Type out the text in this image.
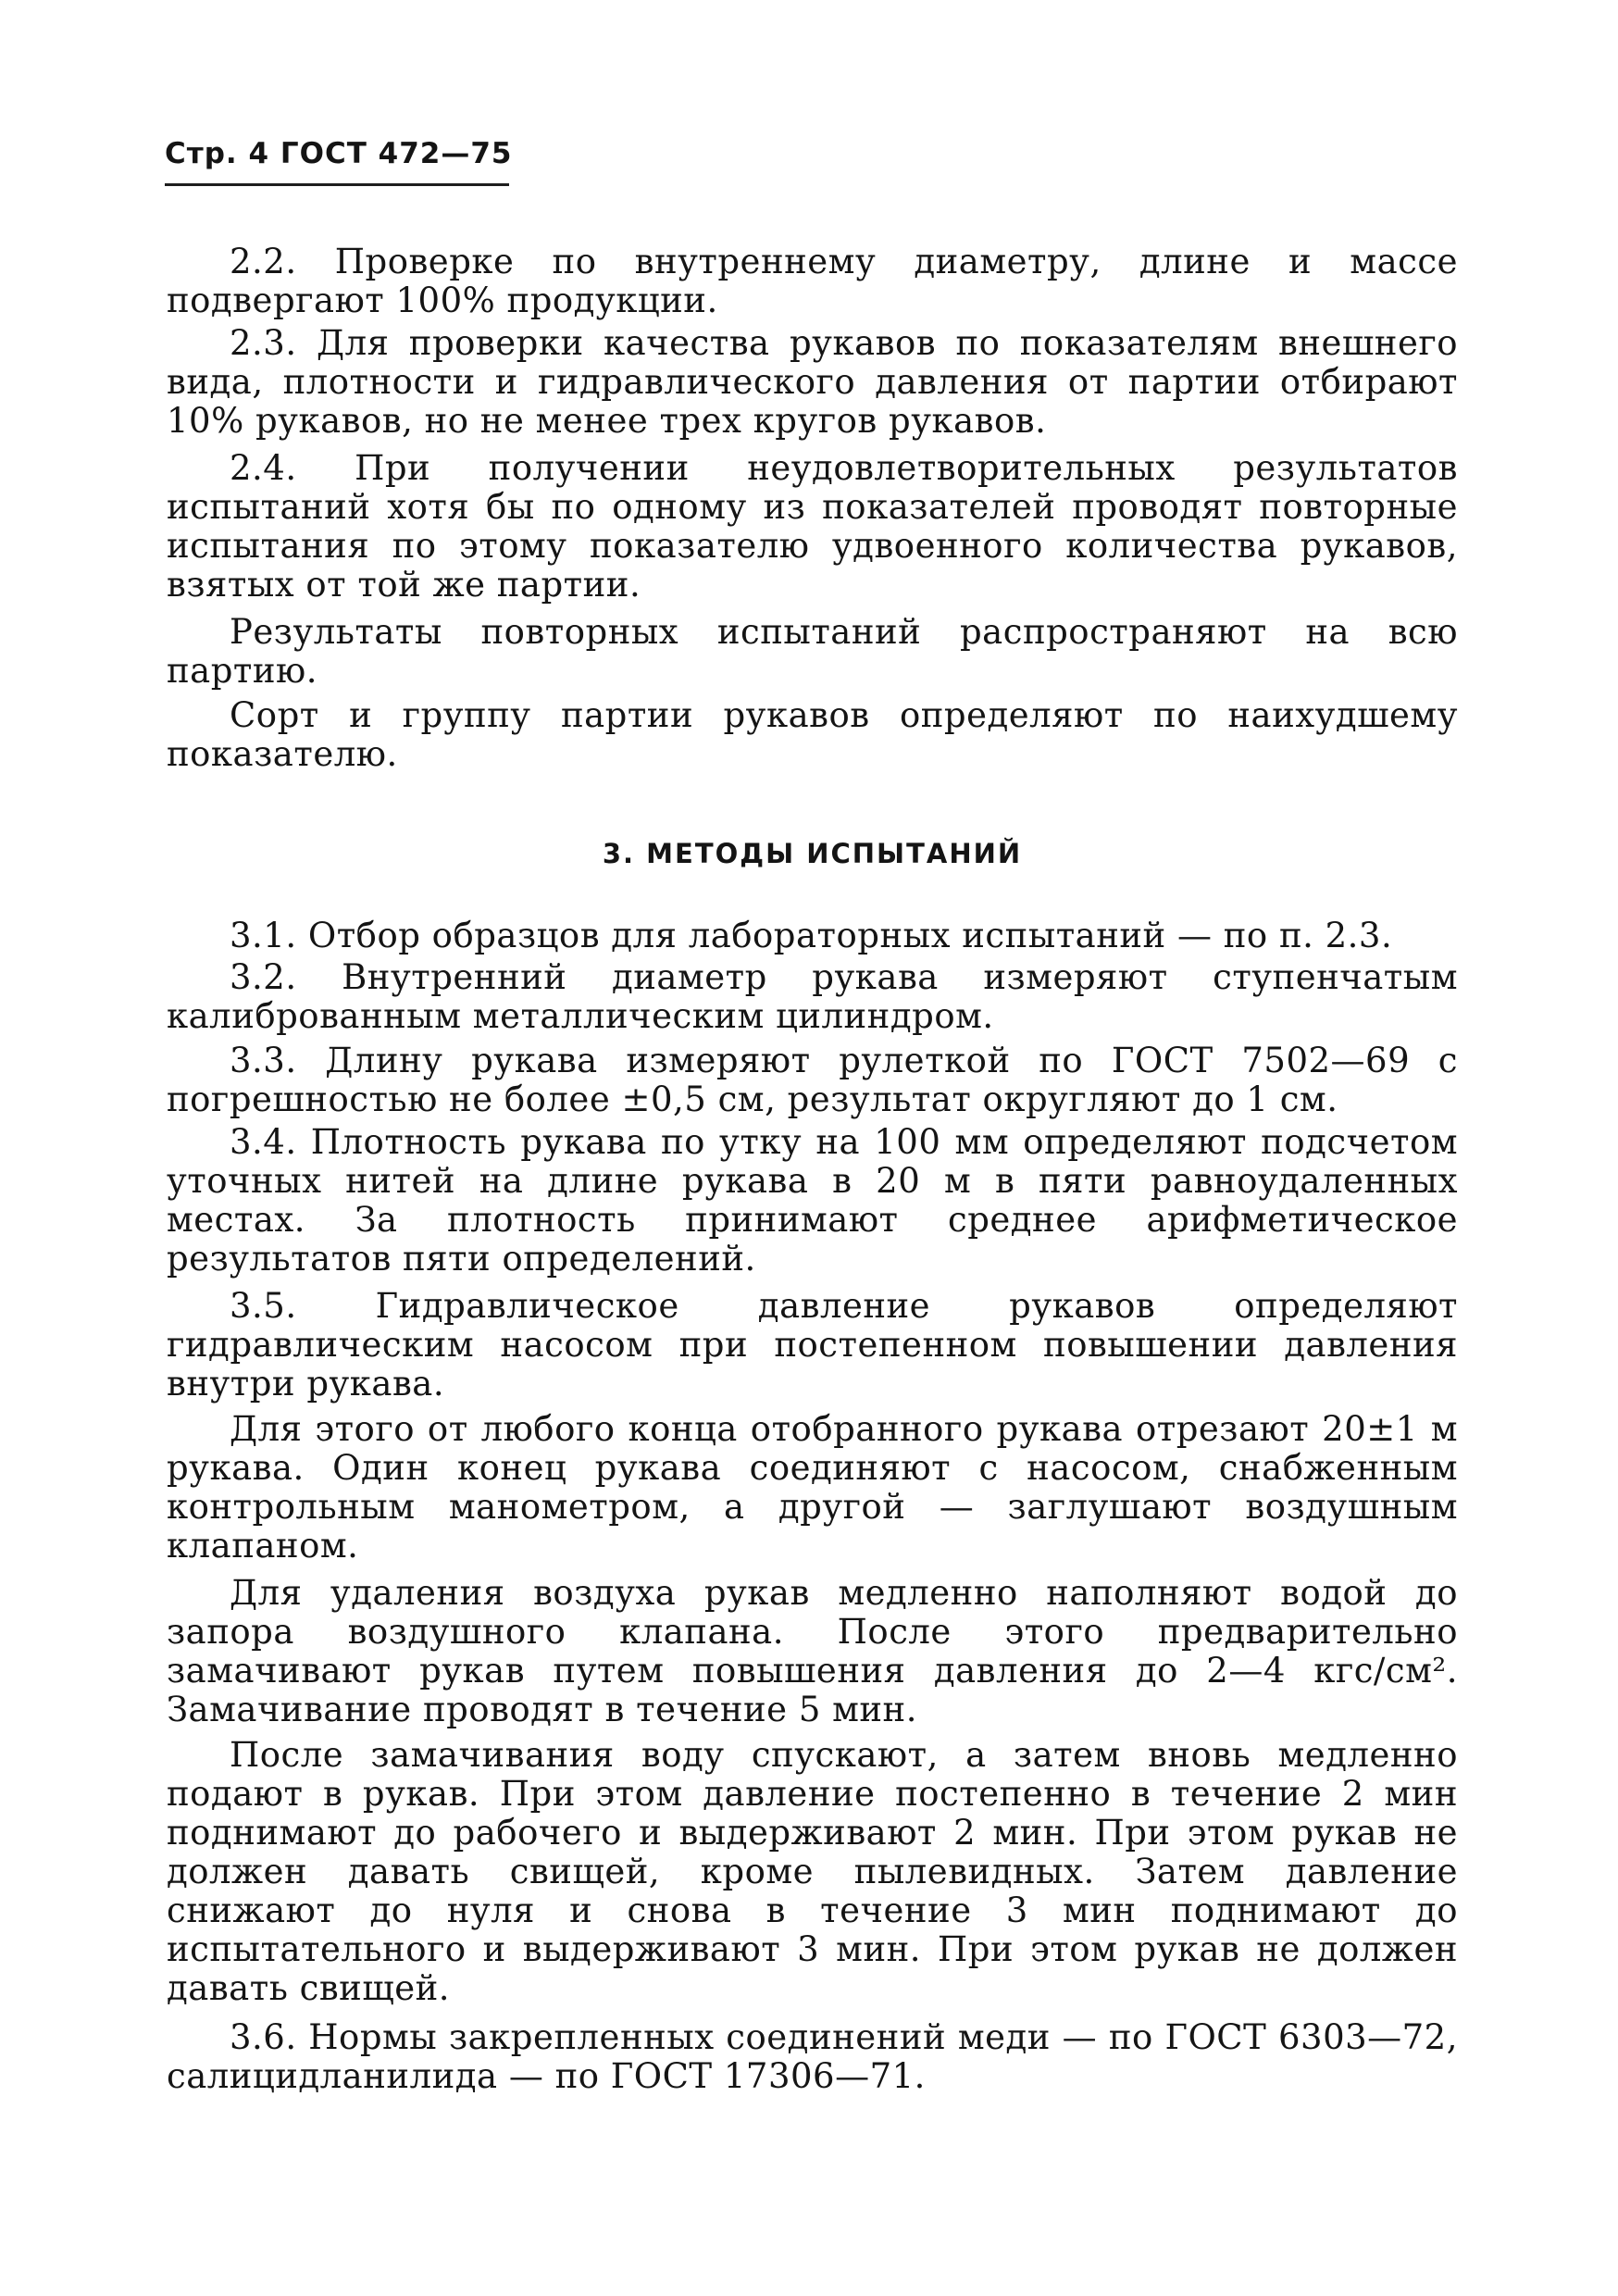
Стр. 4 ГОСТ 472—75

2.2. Проверке по внутреннему диаметру, длине и массе подвергают 100% продукции.

2.3. Для проверки качества рукавов по показателям внешнего вида, плотности и гидравлического давления от партии отбирают 10% рукавов, но не менее трех кругов рукавов.

2.4. При получении неудовлетворительных результатов испытаний хотя бы по одному из показателей проводят повторные испытания по этому показателю удвоенного количества рукавов, взятых от той же партии.

Результаты повторных испытаний распространяют на всю партию.

Сорт и группу партии рукавов определяют по наихудшему показателю.

3. МЕТОДЫ ИСПЫТАНИЙ

3.1. Отбор образцов для лабораторных испытаний — по п. 2.3.

3.2. Внутренний диаметр рукава измеряют ступенчатым калиброванным металлическим цилиндром.

3.3. Длину рукава измеряют рулеткой по ГОСТ 7502—69 с погрешностью не более ±0,5 см, результат округляют до 1 см.

3.4. Плотность рукава по утку на 100 мм определяют подсчетом уточных нитей на длине рукава в 20 м в пяти равноудаленных местах. За плотность принимают среднее арифметическое результатов пяти определений.

3.5. Гидравлическое давление рукавов определяют гидравлическим насосом при постепенном повышении давления внутри рукава.

Для этого от любого конца отобранного рукава отрезают 20±1 м рукава. Один конец рукава соединяют с насосом, снабженным контрольным манометром, а другой — заглушают воздушным клапаном.

Для удаления воздуха рукав медленно наполняют водой до запора воздушного клапана. После этого предварительно замачивают рукав путем повышения давления до 2—4 кгс/см². Замачивание проводят в течение 5 мин.

После замачивания воду спускают, а затем вновь медленно подают в рукав. При этом давление постепенно в течение 2 мин поднимают до рабочего и выдерживают 2 мин. При этом рукав не должен давать свищей, кроме пылевидных. Затем давление снижают до нуля и снова в течение 3 мин поднимают до испытательного и выдерживают 3 мин. При этом рукав не должен давать свищей.

3.6. Нормы закрепленных соединений меди — по ГОСТ 6303—72, салицидланилида — по ГОСТ 17306—71.
